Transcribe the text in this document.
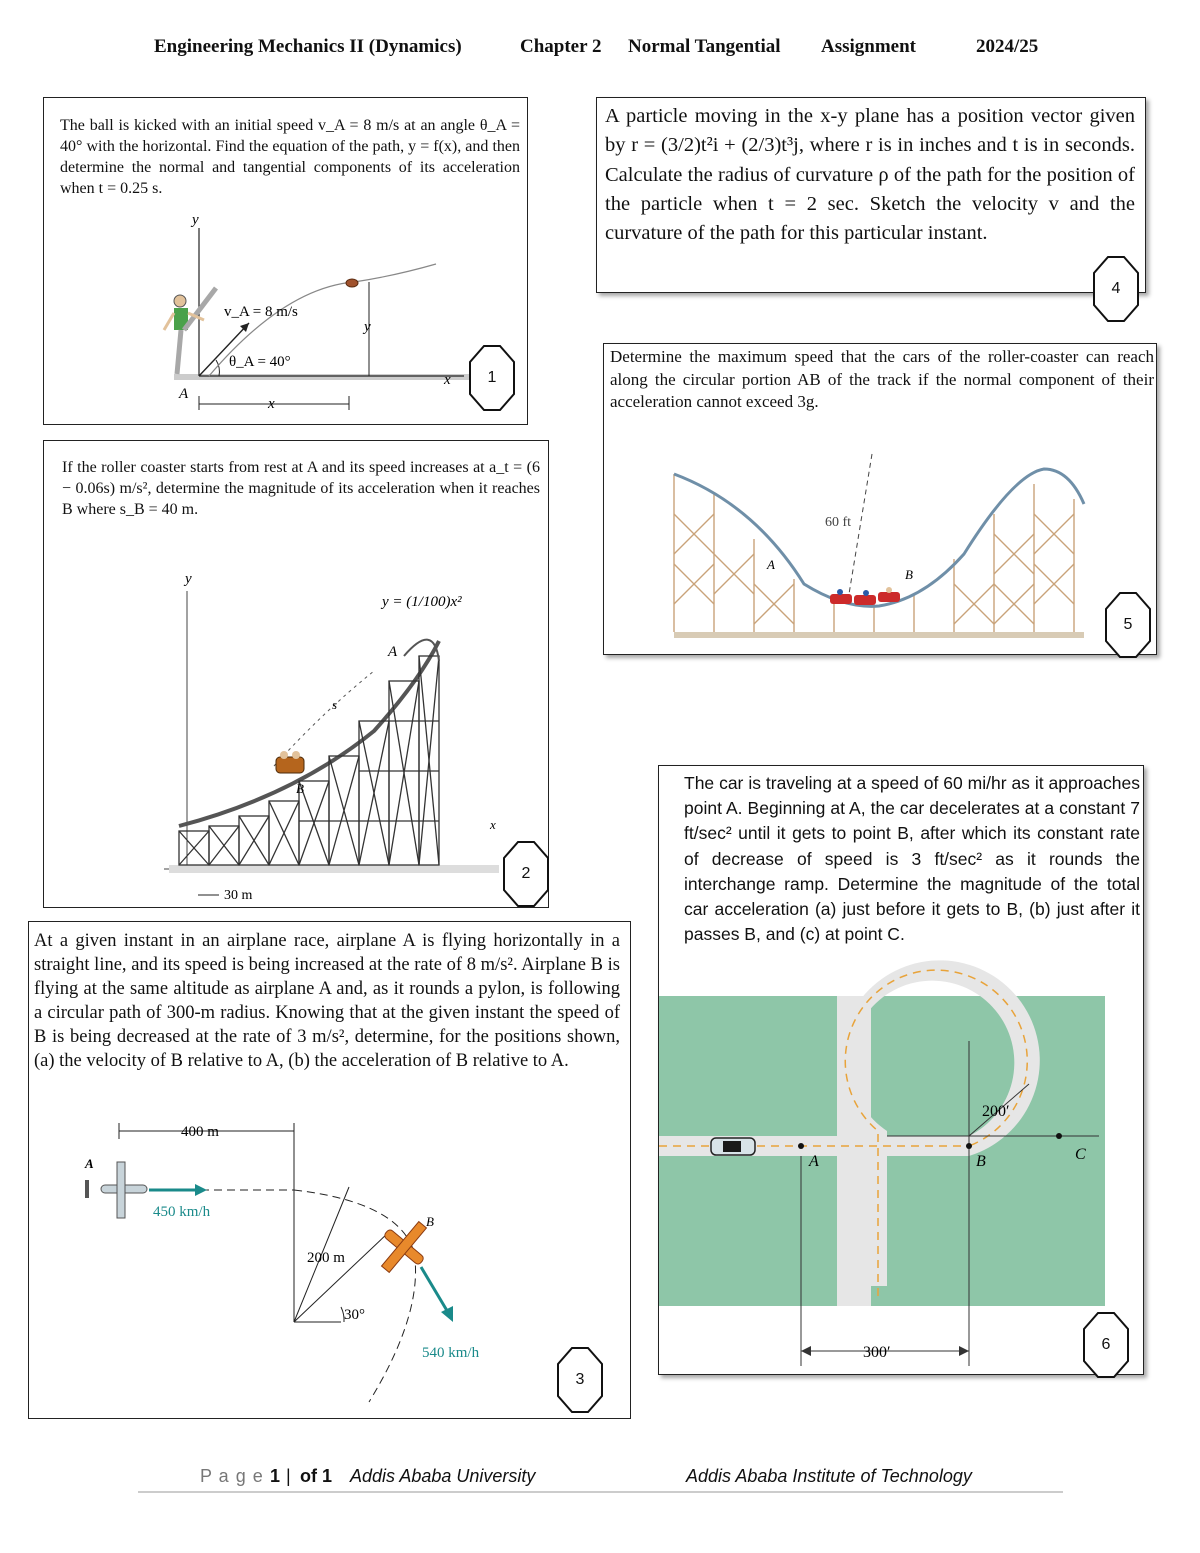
Engineering Mechanics II (Dynamics)	Chapter 2 Normal Tangential Assignment	2024/25
The ball is kicked with an initial speed v_A = 8 m/s at an angle θ_A = 40° with the horizontal. Find the equation of the path, y = f(x), and then determine the normal and tangential components of its acceleration when t = 0.25 s.
y
x
v_A = 8 m/s
θ_A = 40°
A
y
x
1
If the roller coaster starts from rest at A and its speed increases at a_t = (6 − 0.06s) m/s², determine the magnitude of its acceleration when it reaches B where s_B = 40 m.
y
x
y = (1/100)x²
A
B
s
30 m
2
At a given instant in an airplane race, airplane A is flying horizontally in a straight line, and its speed is being increased at the rate of 8 m/s². Airplane B is flying at the same altitude as airplane A and, as it rounds a pylon, is following a circular path of 300-m radius. Knowing that at the given instant the speed of B is being decreased at the rate of 3 m/s², determine, for the positions shown, (a) the velocity of B relative to A, (b) the acceleration of B relative to A.
400 m
A
B
450 km/h
200 m
30°
540 km/h
3
A particle moving in the x-y plane has a position vector given by r = (3/2)t²i + (2/3)t³j, where r is in inches and t is in seconds. Calculate the radius of curvature ρ of the path for the position of the particle when t = 2 sec. Sketch the velocity v and the curvature of the path for this particular instant.
4
Determine the maximum speed that the cars of the roller-coaster can reach along the circular portion AB of the track if the normal component of their acceleration cannot exceed 3g.
60 ft
A
B
5
The car is traveling at a speed of 60 mi/hr as it approaches point A. Beginning at A, the car decelerates at a constant 7 ft/sec² until it gets to point B, after which its constant rate of decrease of speed is 3 ft/sec² as it rounds the interchange ramp. Determine the magnitude of the total car acceleration (a) just before it gets to B, (b) just after it passes B, and (c) at point C.
200′
C
A	B
300′	6
P a g e 1 | of 1 Addis Ababa University	Addis Ababa Institute of Technology
